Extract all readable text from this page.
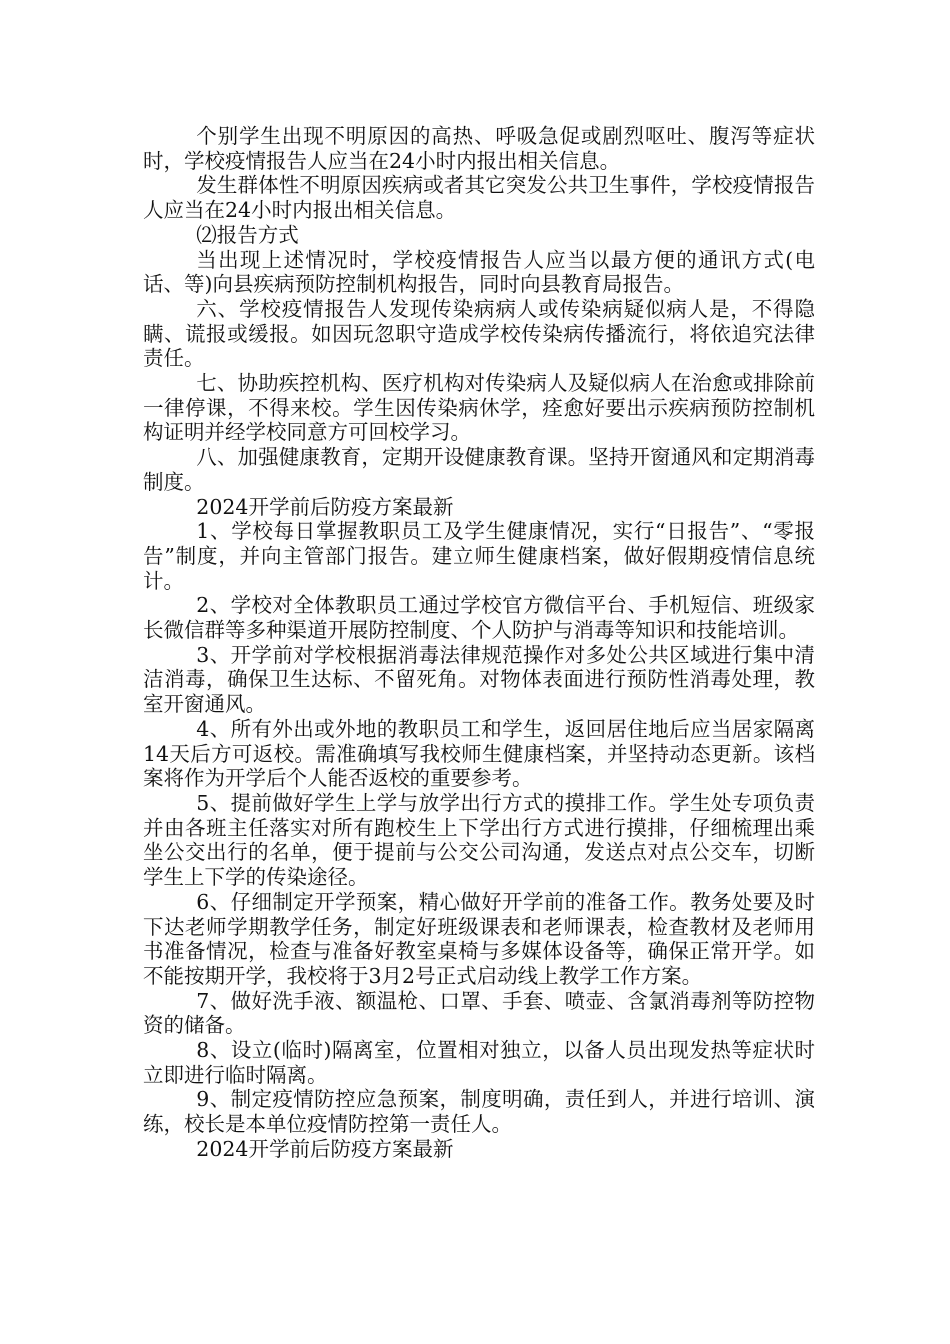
个别学生出现不明原因的高热、呼吸急促或剧烈呕吐、腹泻等症状时，学校疫情报告人应当在24小时内报出相关信息。

发生群体性不明原因疾病或者其它突发公共卫生事件，学校疫情报告人应当在24小时内报出相关信息。

⑵报告方式

当出现上述情况时，学校疫情报告人应当以最方便的通讯方式(电话、等)向县疾病预防控制机构报告，同时向县教育局报告。

六、学校疫情报告人发现传染病病人或传染病疑似病人是，不得隐瞒、谎报或缓报。如因玩忽职守造成学校传染病传播流行，将依追究法律责任。

七、协助疾控机构、医疗机构对传染病人及疑似病人在治愈或排除前一律停课，不得来校。学生因传染病休学，痊愈好要出示疾病预防控制机构证明并经学校同意方可回校学习。

八、加强健康教育，定期开设健康教育课。坚持开窗通风和定期消毒制度。

2024开学前后防疫方案最新

1、学校每日掌握教职员工及学生健康情况，实行“日报告”、“零报告”制度，并向主管部门报告。建立师生健康档案，做好假期疫情信息统计。

2、学校对全体教职员工通过学校官方微信平台、手机短信、班级家长微信群等多种渠道开展防控制度、个人防护与消毒等知识和技能培训。

3、开学前对学校根据消毒法律规范操作对多处公共区域进行集中清洁消毒，确保卫生达标、不留死角。对物体表面进行预防性消毒处理，教室开窗通风。

4、所有外出或外地的教职员工和学生，返回居住地后应当居家隔离14天后方可返校。需准确填写我校师生健康档案，并坚持动态更新。该档案将作为开学后个人能否返校的重要参考。

5、提前做好学生上学与放学出行方式的摸排工作。学生处专项负责并由各班主任落实对所有跑校生上下学出行方式进行摸排，仔细梳理出乘坐公交出行的名单，便于提前与公交公司沟通，发送点对点公交车，切断学生上下学的传染途径。

6、仔细制定开学预案，精心做好开学前的准备工作。教务处要及时下达老师学期教学任务，制定好班级课表和老师课表，检查教材及老师用书准备情况，检查与准备好教室桌椅与多媒体设备等，确保正常开学。如不能按期开学，我校将于3月2号正式启动线上教学工作方案。

7、做好洗手液、额温枪、口罩、手套、喷壶、含氯消毒剂等防控物资的储备。

8、设立(临时)隔离室，位置相对独立，以备人员出现发热等症状时立即进行临时隔离。

9、制定疫情防控应急预案，制度明确，责任到人，并进行培训、演练，校长是本单位疫情防控第一责任人。

2024开学前后防疫方案最新
